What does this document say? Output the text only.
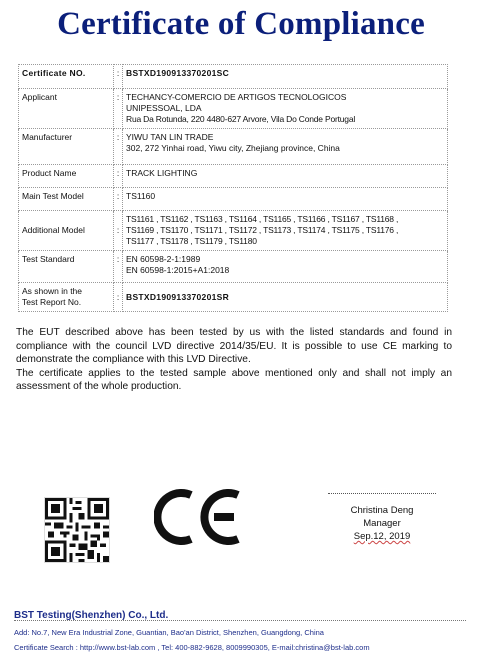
Certificate of Compliance
Certificate NO.	:	BSTXD190913370201SC
Applicant	:	TECHANCY-COMERCIO DE ARTIGOS TECNOLOGICOS
UNIPESSOAL, LDA
Rua Da Rotunda, 220 4480-627 Arvore, Vila Do Conde Portugal

Manufacturer	:	YIWU TAN LIN TRADE
302, 272 Yinhai road, Yiwu city, Zhejiang province, China

Product Name	:	TRACK LIGHTING
Main Test Model	:	TS1160
Additional Model	:	TS1161 , TS1162 , TS1163 , TS1164 , TS1165 , TS1166 , TS1167 , TS1168 ,
TS1169 , TS1170 , TS1171 , TS1172 , TS1173 , TS1174 , TS1175 , TS1176 ,
TS1177 , TS1178 , TS1179 , TS1180

Test Standard	:	EN 60598-2-1:1989
EN 60598-1:2015+A1:2018

As shown in the
Test Report No.	:	BSTXD190913370201SR

The EUT described above has been tested by us with the listed standards and found in compliance with the council LVD directive 2014/35/EU. It is possible to use CE marking to demonstrate the compliance with this LVD Directive.

The certificate applies to the tested sample above mentioned only and shall not imply an assessment of the whole production.

Christina Deng
Manager
Sep.12, 2019
BST Testing(Shenzhen) Co., Ltd.
Add: No.7, New Era Industrial Zone, Guantian, Bao'an District, Shenzhen, Guangdong, China
Certificate Search : http://www.bst-lab.com , Tel: 400-882-9628, 8009990305, E-mail:christina@bst-lab.com
